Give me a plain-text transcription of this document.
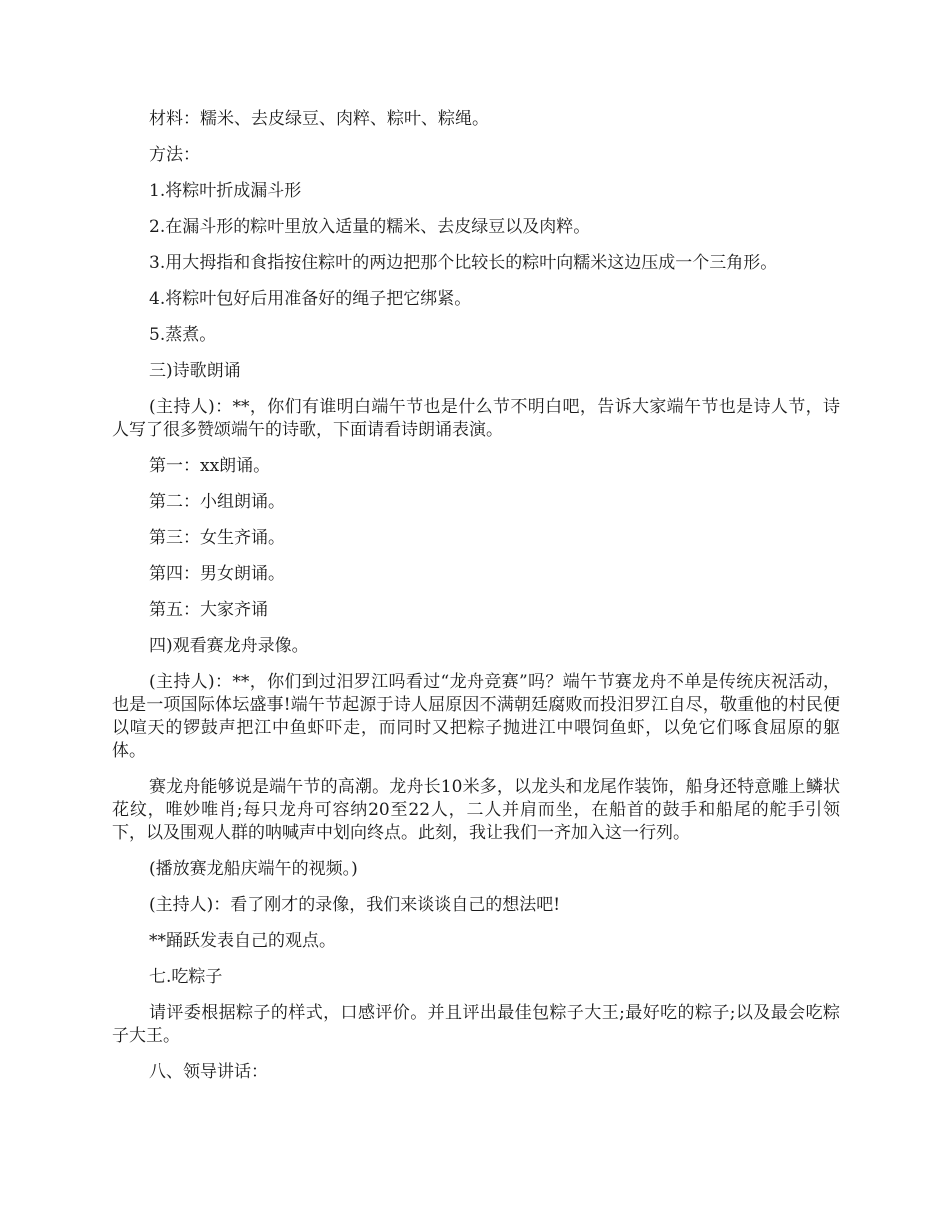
材料：糯米、去皮绿豆、肉粹、粽叶、粽绳。

方法：

1.将粽叶折成漏斗形

2.在漏斗形的粽叶里放入适量的糯米、去皮绿豆以及肉粹。

3.用大拇指和食指按住粽叶的两边把那个比较长的粽叶向糯米这边压成一个三角形。

4.将粽叶包好后用准备好的绳子把它绑紧。

5.蒸煮。

三)诗歌朗诵

(主持人)：**，你们有谁明白端午节也是什么节不明白吧，告诉大家端午节也是诗人节，诗人写了很多赞颂端午的诗歌，下面请看诗朗诵表演。

第一：xx朗诵。

第二：小组朗诵。

第三：女生齐诵。

第四：男女朗诵。

第五：大家齐诵

四)观看赛龙舟录像。

(主持人)：**，你们到过汨罗江吗看过“龙舟竞赛”吗？端午节赛龙舟不单是传统庆祝活动，也是一项国际体坛盛事!端午节起源于诗人屈原因不满朝廷腐败而投汨罗江自尽，敬重他的村民便以喧天的锣鼓声把江中鱼虾吓走，而同时又把粽子抛进江中喂饲鱼虾，以免它们啄食屈原的躯体。

赛龙舟能够说是端午节的高潮。龙舟长10米多，以龙头和龙尾作装饰，船身还特意雕上鳞状花纹，唯妙唯肖;每只龙舟可容纳20至22人，二人并肩而坐，在船首的鼓手和船尾的舵手引领下，以及围观人群的呐喊声中划向终点。此刻，我让我们一齐加入这一行列。

(播放赛龙船庆端午的视频。)

(主持人)：看了刚才的录像，我们来谈谈自己的想法吧!

**踊跃发表自己的观点。

七.吃粽子

请评委根据粽子的样式，口感评价。并且评出最佳包粽子大王;最好吃的粽子;以及最会吃粽子大王。

八、领导讲话：
